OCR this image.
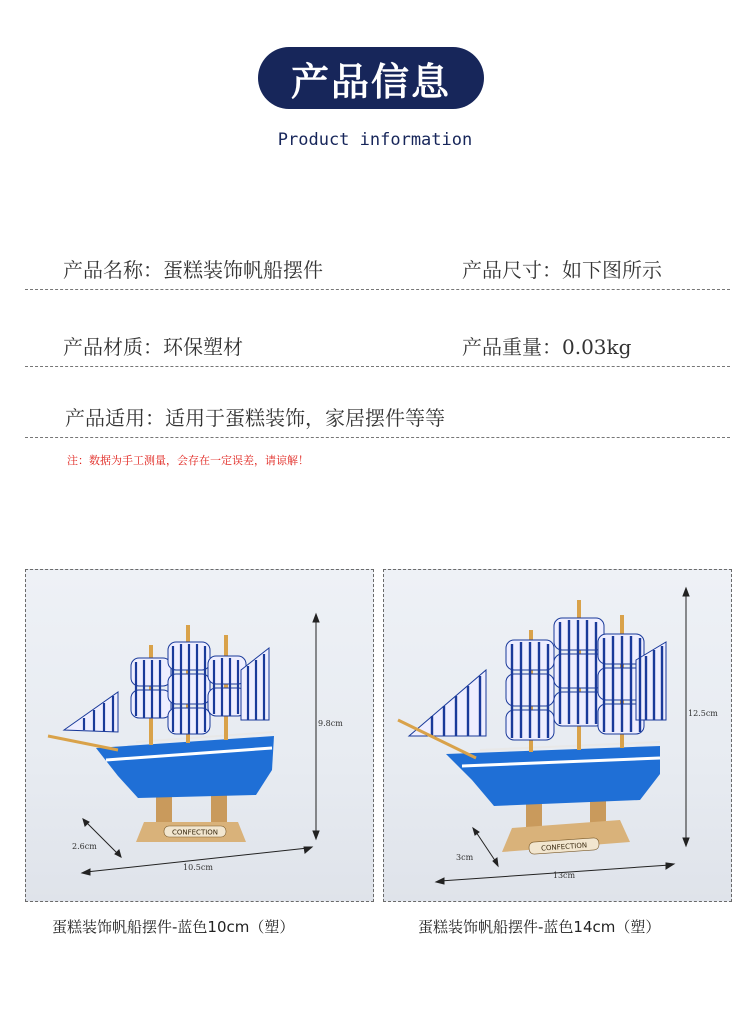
产品信息
Product information
产品名称：蛋糕装饰帆船摆件	产品尺寸：如下图所示
产品材质：环保塑材	产品重量：0.03kg
产品适用：适用于蛋糕装饰，家居摆件等等
注：数据为手工测量，会存在一定误差，请谅解！
CONFECTION
9.8cm
10.5cm
2.6cm	CONFECTION
12.5cm
13cm
3cm
蛋糕装饰帆船摆件-蓝色10cm（塑）	蛋糕装饰帆船摆件-蓝色14cm（塑）
